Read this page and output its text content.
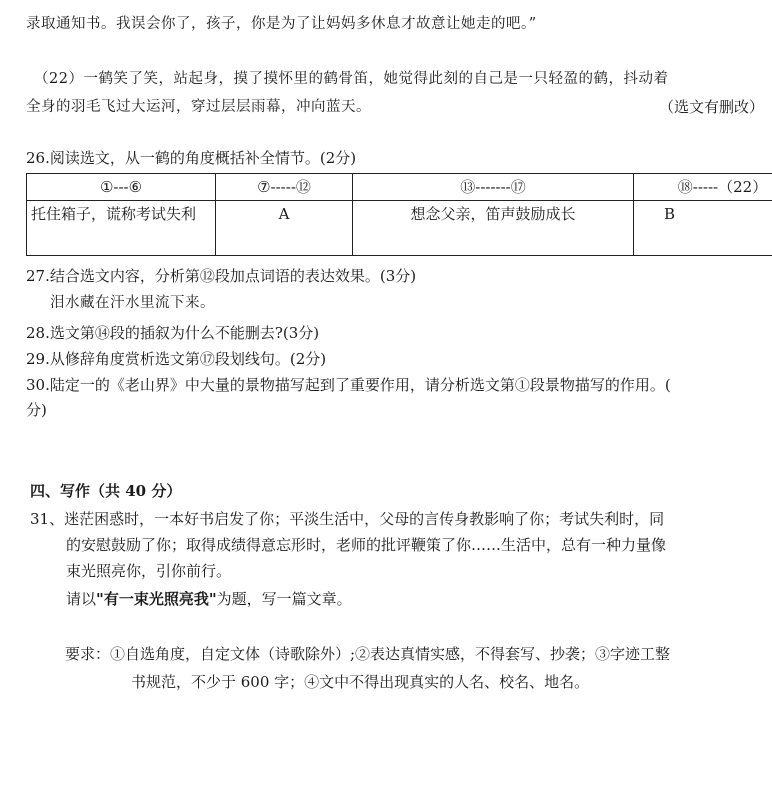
录取通知书。我误会你了，孩子，你是为了让妈妈多休息才故意让她走的吧。”
（22）一鹤笑了笑，站起身，摸了摸怀里的鹤骨笛，她觉得此刻的自己是一只轻盈的鹤，抖动着
全身的羽毛飞过大运河，穿过层层雨幕，冲向蓝天。	（选文有删改）
26.阅读选文，从一鹤的角度概括补全情节。(2分)
①---⑥	⑦-----⑫	⑬-------⑰	⑱-----（22）
托住箱子，谎称考试失利	A	想念父亲，笛声鼓励成长	B
27.结合选文内容，分析第⑫段加点词语的表达效果。(3分)
泪水藏在汗水里流下来。
28.选文第⑭段的插叙为什么不能删去?(3分)
29.从修辞角度赏析选文第⑰段划线句。(2分)
30.陆定一的《老山界》中大量的景物描写起到了重要作用，请分析选文第①段景物描写的作用。(
分)
四、写作（共 40 分）
31、迷茫困惑时，一本好书启发了你；平淡生活中，父母的言传身教影响了你；考试失利时，同
的安慰鼓励了你；取得成绩得意忘形时，老师的批评鞭策了你……生活中，总有一种力量像
束光照亮你，引你前行。
请以"有一束光照亮我"为题，写一篇文章。
要求：①自选角度，自定文体（诗歌除外）;②表达真情实感，不得套写、抄袭；③字迹工整
书规范，不少于 600 字；④文中不得出现真实的人名、校名、地名。
